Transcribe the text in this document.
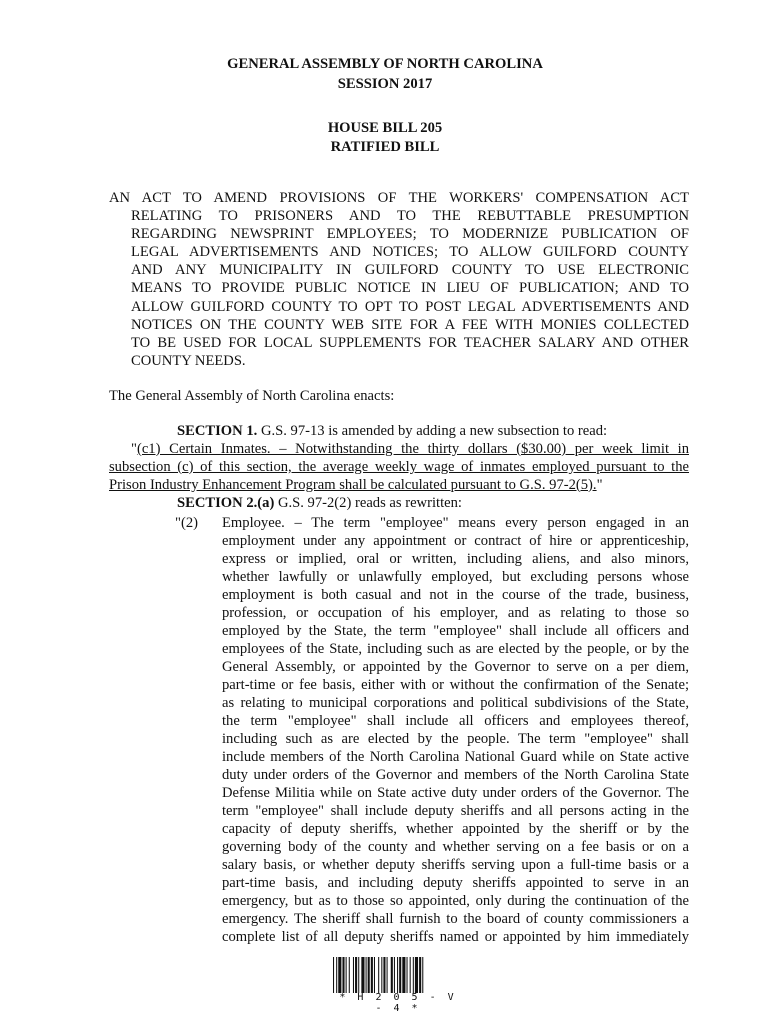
GENERAL ASSEMBLY OF NORTH CAROLINA
SESSION 2017
HOUSE BILL 205
RATIFIED BILL
AN ACT TO AMEND PROVISIONS OF THE WORKERS' COMPENSATION ACT
RELATING TO PRISONERS AND TO THE REBUTTABLE PRESUMPTION
REGARDING NEWSPRINT EMPLOYEES; TO MODERNIZE PUBLICATION OF
LEGAL ADVERTISEMENTS AND NOTICES; TO ALLOW GUILFORD COUNTY
AND ANY MUNICIPALITY IN GUILFORD COUNTY TO USE ELECTRONIC
MEANS TO PROVIDE PUBLIC NOTICE IN LIEU OF PUBLICATION; AND TO
ALLOW GUILFORD COUNTY TO OPT TO POST LEGAL ADVERTISEMENTS AND
NOTICES ON THE COUNTY WEB SITE FOR A FEE WITH MONIES COLLECTED
TO BE USED FOR LOCAL SUPPLEMENTS FOR TEACHER SALARY AND OTHER
COUNTY NEEDS.
The General Assembly of North Carolina enacts:
SECTION 1. G.S. 97-13 is amended by adding a new subsection to read:
"(c1) Certain Inmates. – Notwithstanding the thirty dollars ($30.00) per week limit in
subsection (c) of this section, the average weekly wage of inmates employed pursuant to the
Prison Industry Enhancement Program shall be calculated pursuant to G.S. 97-2(5)."
SECTION 2.(a) G.S. 97-2(2) reads as rewritten:
"(2) Employee. – The term "employee" means every person engaged in an
employment under any appointment or contract of hire or apprenticeship,
express or implied, oral or written, including aliens, and also minors,
whether lawfully or unlawfully employed, but excluding persons whose
employment is both casual and not in the course of the trade, business,
profession, or occupation of his employer, and as relating to those so
employed by the State, the term "employee" shall include all officers and
employees of the State, including such as are elected by the people, or by the
General Assembly, or appointed by the Governor to serve on a per diem,
part-time or fee basis, either with or without the confirmation of the Senate;
as relating to municipal corporations and political subdivisions of the State,
the term "employee" shall include all officers and employees thereof,
including such as are elected by the people. The term "employee" shall
include members of the North Carolina National Guard while on State active
duty under orders of the Governor and members of the North Carolina State
Defense Militia while on State active duty under orders of the Governor. The
term "employee" shall include deputy sheriffs and all persons acting in the
capacity of deputy sheriffs, whether appointed by the sheriff or by the
governing body of the county and whether serving on a fee basis or on a
salary basis, or whether deputy sheriffs serving upon a full-time basis or a
part-time basis, and including deputy sheriffs appointed to serve in an
emergency, but as to those so appointed, only during the continuation of the
emergency. The sheriff shall furnish to the board of county commissioners a
complete list of all deputy sheriffs named or appointed by him immediately
* H 2 0 5 - V - 4 *
